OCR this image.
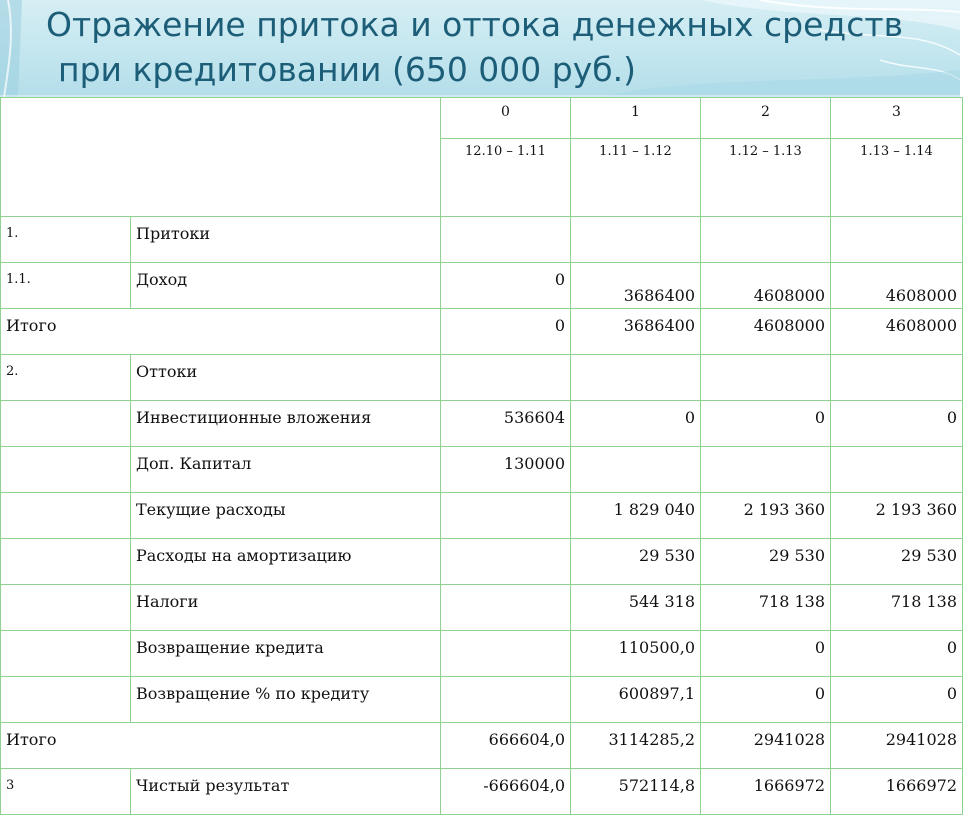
Отражение притока и оттока денежных средств
при кредитовании (650 000 руб.)
		0	1	2	3
		12.10 – 1.11	1.11 – 1.12	1.12 – 1.13	1.13 – 1.14
1.	Притоки				
1.1.	Доход	0	3686400	4608000	4608000
Итого		0	3686400	4608000	4608000
2.	Оттоки				
	Инвестиционные вложения	536604	0	0	0
	Доп. Капитал	130000			
	Текущие расходы		1 829 040	2 193 360	2 193 360
	Расходы на амортизацию		29 530	29 530	29 530
	Налоги		544 318	718 138	718 138
	Возвращение кредита		110500,0	0	0
	Возвращение % по кредиту		600897,1	0	0
Итого		666604,0	3114285,2	2941028	2941028
3	Чистый результат	-666604,0	572114,8	1666972	1666972
